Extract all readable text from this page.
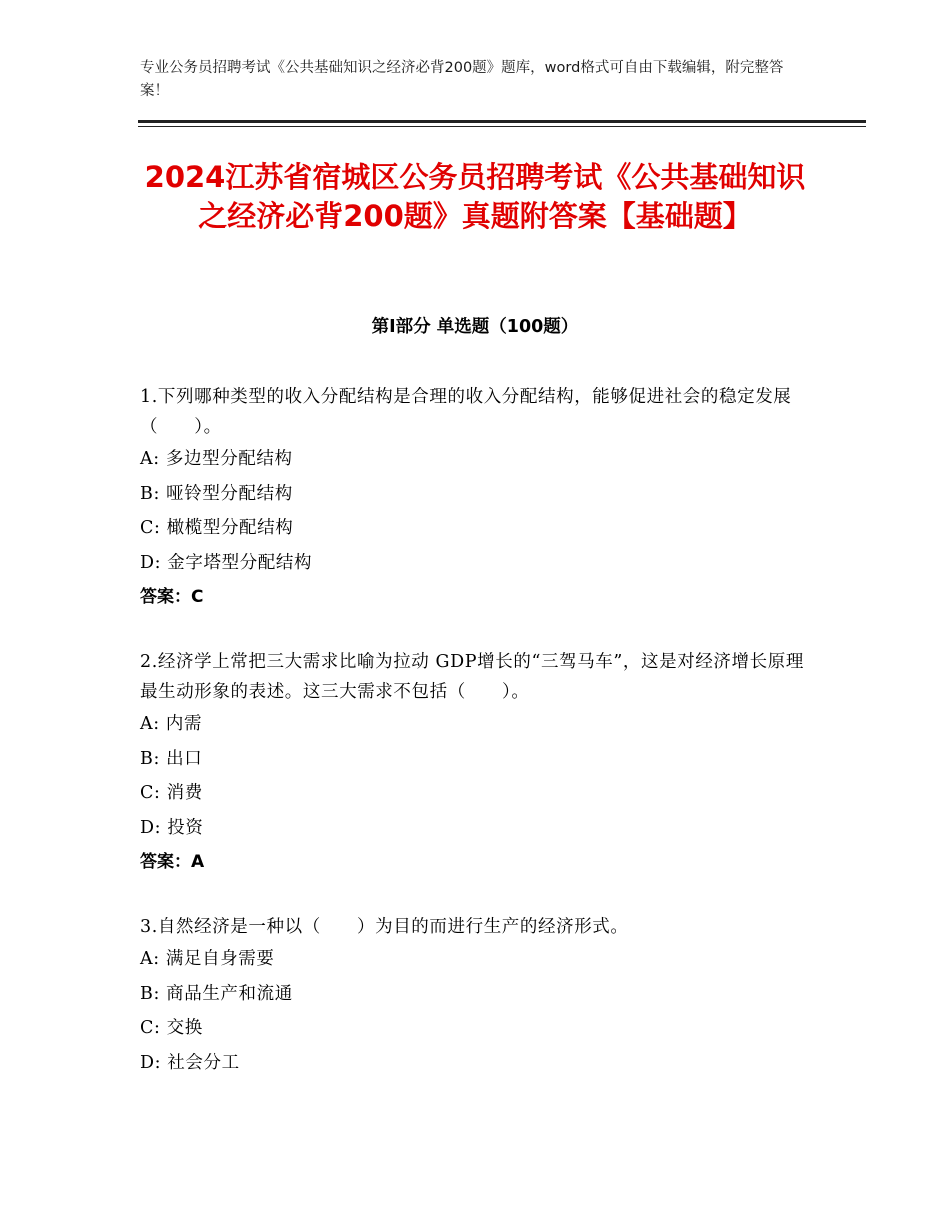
专业公务员招聘考试《公共基础知识之经济必背200题》题库，word格式可自由下载编辑，附完整答案！
2024江苏省宿城区公务员招聘考试《公共基础知识之经济必背200题》真题附答案【基础题】
第I部分 单选题（100题）
1.下列哪种类型的收入分配结构是合理的收入分配结构，能够促进社会的稳定发展（　　）。
A: 多边型分配结构
B: 哑铃型分配结构
C: 橄榄型分配结构
D: 金字塔型分配结构
答案：C
2.经济学上常把三大需求比喻为拉动 GDP增长的“三驾马车”，这是对经济增长原理最生动形象的表述。这三大需求不包括（　　）。
A: 内需
B: 出口
C: 消费
D: 投资
答案：A
3.自然经济是一种以（　　）为目的而进行生产的经济形式。
A: 满足自身需要
B: 商品生产和流通
C: 交换
D: 社会分工
